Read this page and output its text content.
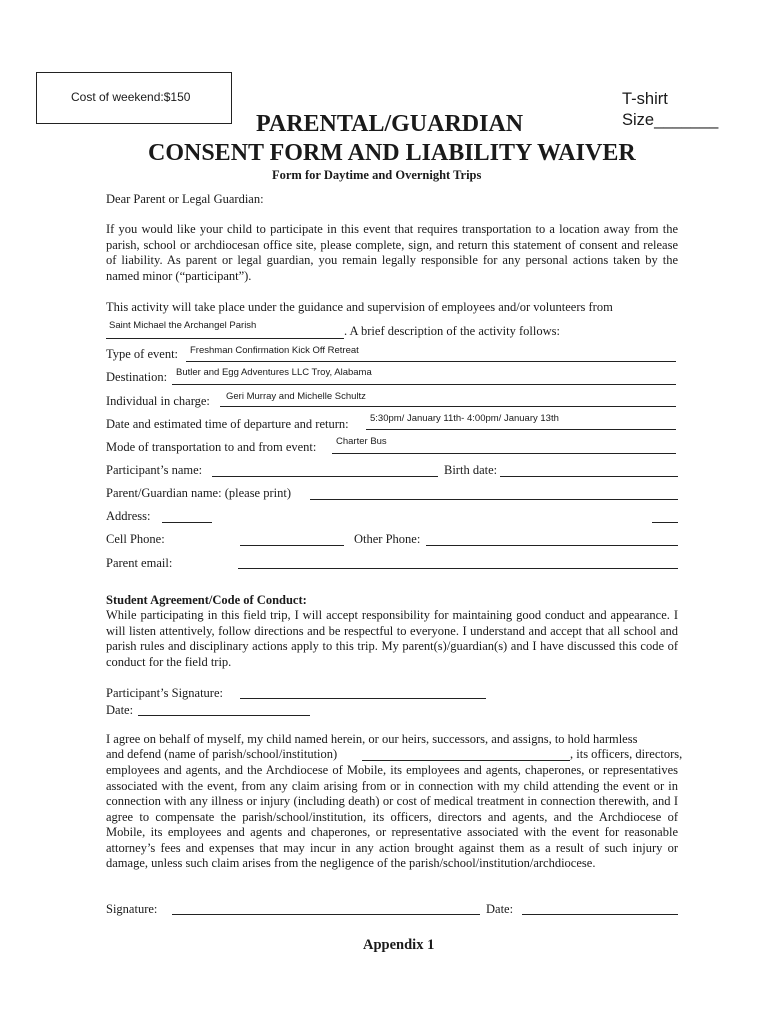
Cost of weekend:$150	T-shirt
Size_______
PARENTAL/GUARDIAN
CONSENT FORM AND LIABILITY WAIVER
Form for Daytime and Overnight Trips
Dear Parent or Legal Guardian:
If you would like your child to participate in this event that requires transportation to a location away from the parish, school or archdiocesan office site, please complete, sign, and return this statement of consent and release of liability. As parent or legal guardian, you remain legally responsible for any personal actions taken by the named minor (“participant”).
This activity will take place under the guidance and supervision of employees and/or volunteers from
Saint Michael the Archangel Parish	. A brief description of the activity follows:
Type of event: Freshman Confirmation Kick Off Retreat
Destination: Butler and Egg Adventures LLC Troy, Alabama
Individual in charge: Geri Murray and Michelle Schultz
Date and estimated time of departure and return: 5:30pm/ January 11th- 4:00pm/ January 13th
Mode of transportation to and from event: Charter Bus
Participant’s name:	Birth date:
Parent/Guardian name: (please print)
Address:
Cell Phone:	Other Phone:
Parent email:
Student Agreement/Code of Conduct:
While participating in this field trip, I will accept responsibility for maintaining good conduct and appearance. I will listen attentively, follow directions and be respectful to everyone. I understand and accept that all school and parish rules and disciplinary actions apply to this trip. My parent(s)/guardian(s) and I have discussed this code of conduct for the field trip.
Participant’s Signature:
Date:
I agree on behalf of myself, my child named herein, or our heirs, successors, and assigns, to hold harmless
and defend (name of parish/school/institution)	, its officers, directors,
employees and agents, and the Archdiocese of Mobile, its employees and agents, chaperones, or representatives associated with the event, from any claim arising from or in connection with my child attending the event or in connection with any illness or injury (including death) or cost of medical treatment in connection therewith, and I agree to compensate the parish/school/institution, its officers, directors and agents, and the Archdiocese of Mobile, its employees and agents and chaperones, or representative associated with the event for reasonable attorney’s fees and expenses that may incur in any action brought against them as a result of such injury or damage, unless such claim arises from the negligence of the parish/school/institution/archdiocese.
Signature:	Date:
Appendix 1
